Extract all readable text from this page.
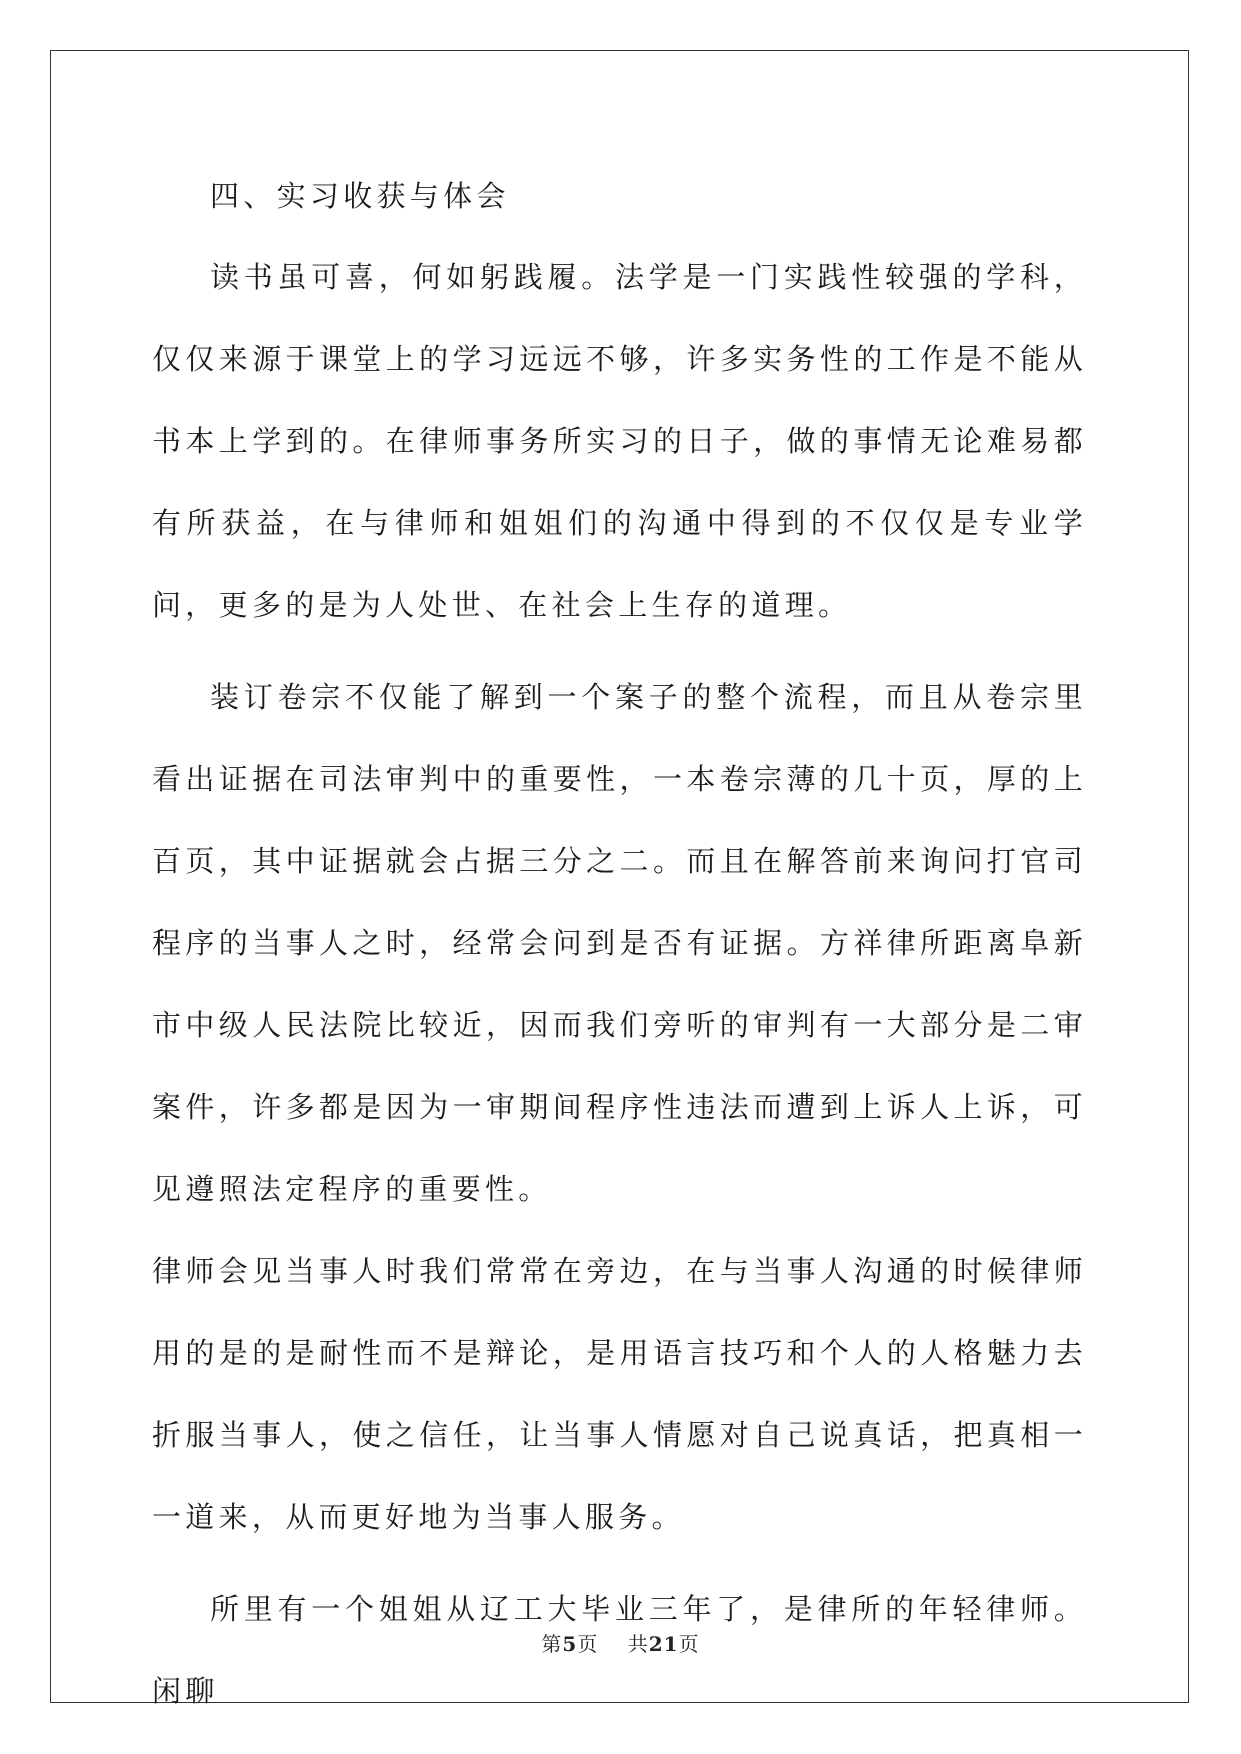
四、实习收获与体会

读书虽可喜，何如躬践履。法学是一门实践性较强的学科，仅仅来源于课堂上的学习远远不够，许多实务性的工作是不能从书本上学到的。在律师事务所实习的日子，做的事情无论难易都有所获益，在与律师和姐姐们的沟通中得到的不仅仅是专业学问，更多的是为人处世、在社会上生存的道理。

装订卷宗不仅能了解到一个案子的整个流程，而且从卷宗里看出证据在司法审判中的重要性，一本卷宗薄的几十页，厚的上百页，其中证据就会占据三分之二。而且在解答前来询问打官司程序的当事人之时，经常会问到是否有证据。方祥律所距离阜新市中级人民法院比较近，因而我们旁听的审判有一大部分是二审案件，许多都是因为一审期间程序性违法而遭到上诉人上诉，可见遵照法定程序的重要性。

律师会见当事人时我们常常在旁边，在与当事人沟通的时候律师用的是的是耐性而不是辩论，是用语言技巧和个人的人格魅力去折服当事人，使之信任，让当事人情愿对自己说真话，把真相一一道来，从而更好地为当事人服务。

所里有一个姐姐从辽工大毕业三年了，是律所的年轻律师。闲聊

第5页 共21页
